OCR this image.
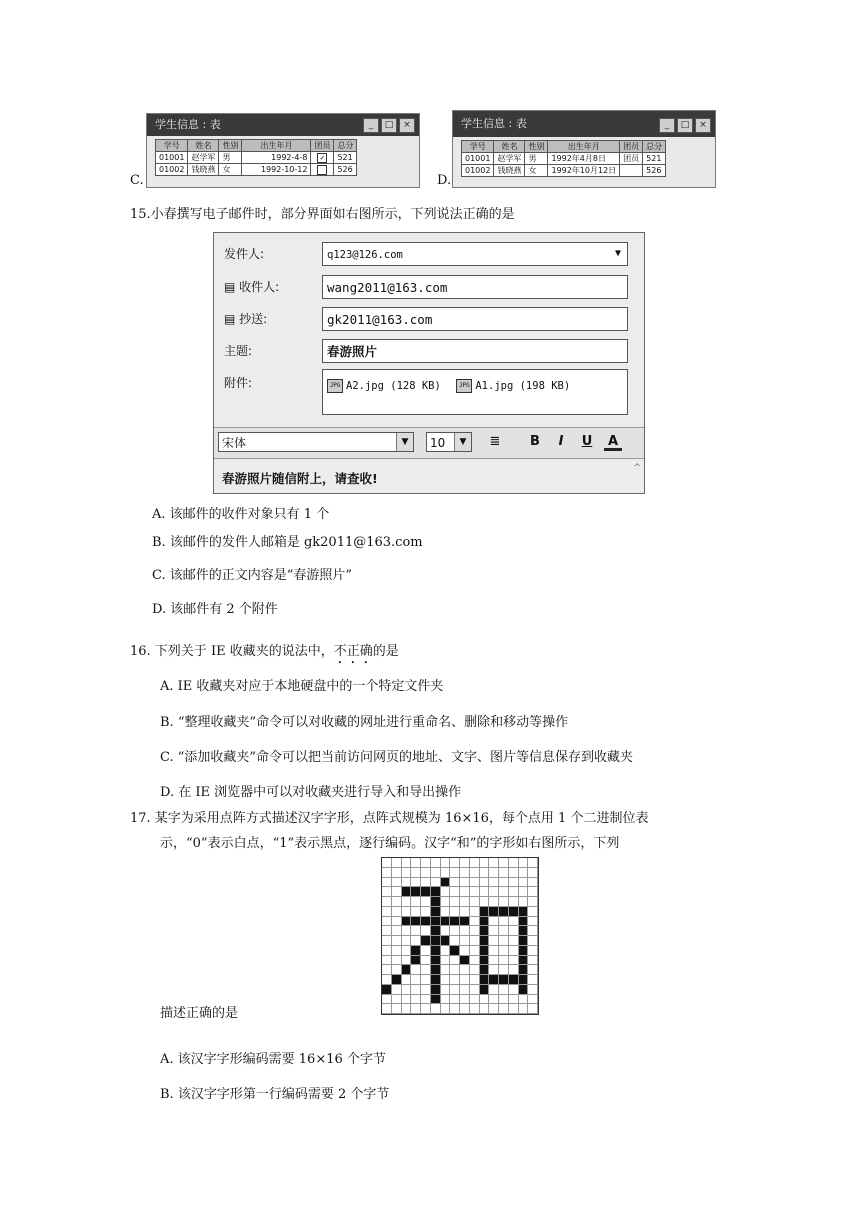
C.
学生信息 : 表	_	□	×
学号	姓名	性别	出生年月	团员	总分
01001	赵学军	男	1992-4-8	✓	521
01002	钱晓燕	女	1992-10-12		526
D.
学生信息 : 表	_	□	×
学号	姓名	性别	出生年月	团员	总分
01001	赵学军	男	1992年4月8日	团员	521
01002	钱晓燕	女	1992年10月12日		526
15.小春撰写电子邮件时，部分界面如右图所示，下列说法正确的是
发件人:	q123@126.com	▼
▤ 收件人:	wang2011@163.com
▤ 抄送:	gk2011@163.com
主题:	春游照片
附件:	JPG A2.jpg (128 KB)
	JPG A1.jpg (198 KB)
宋体	▼	10	▼	≣	B	I	U	A
春游照片随信附上，请查收!
^
A. 该邮件的收件对象只有 1 个
B. 该邮件的发件人邮箱是 gk2011@163.com
C. 该邮件的正文内容是“春游照片”
D. 该邮件有 2 个附件
16. 下列关于 IE 收藏夹的说法中，不正确的是
A. IE 收藏夹对应于本地硬盘中的一个特定文件夹
B. “整理收藏夹”命令可以对收藏的网址进行重命名、删除和移动等操作
C. “添加收藏夹”命令可以把当前访问网页的地址、文字、图片等信息保存到收藏夹
D. 在 IE 浏览器中可以对收藏夹进行导入和导出操作
17. 某字为采用点阵方式描述汉字字形，点阵式规模为 16×16，每个点用 1 个二进制位表
示，“0”表示白点，“1”表示黑点，逐行编码。汉字“和”的字形如右图所示，下列
描述正确的是
A. 该汉字字形编码需要 16×16 个字节
B. 该汉字字形第一行编码需要 2 个字节
